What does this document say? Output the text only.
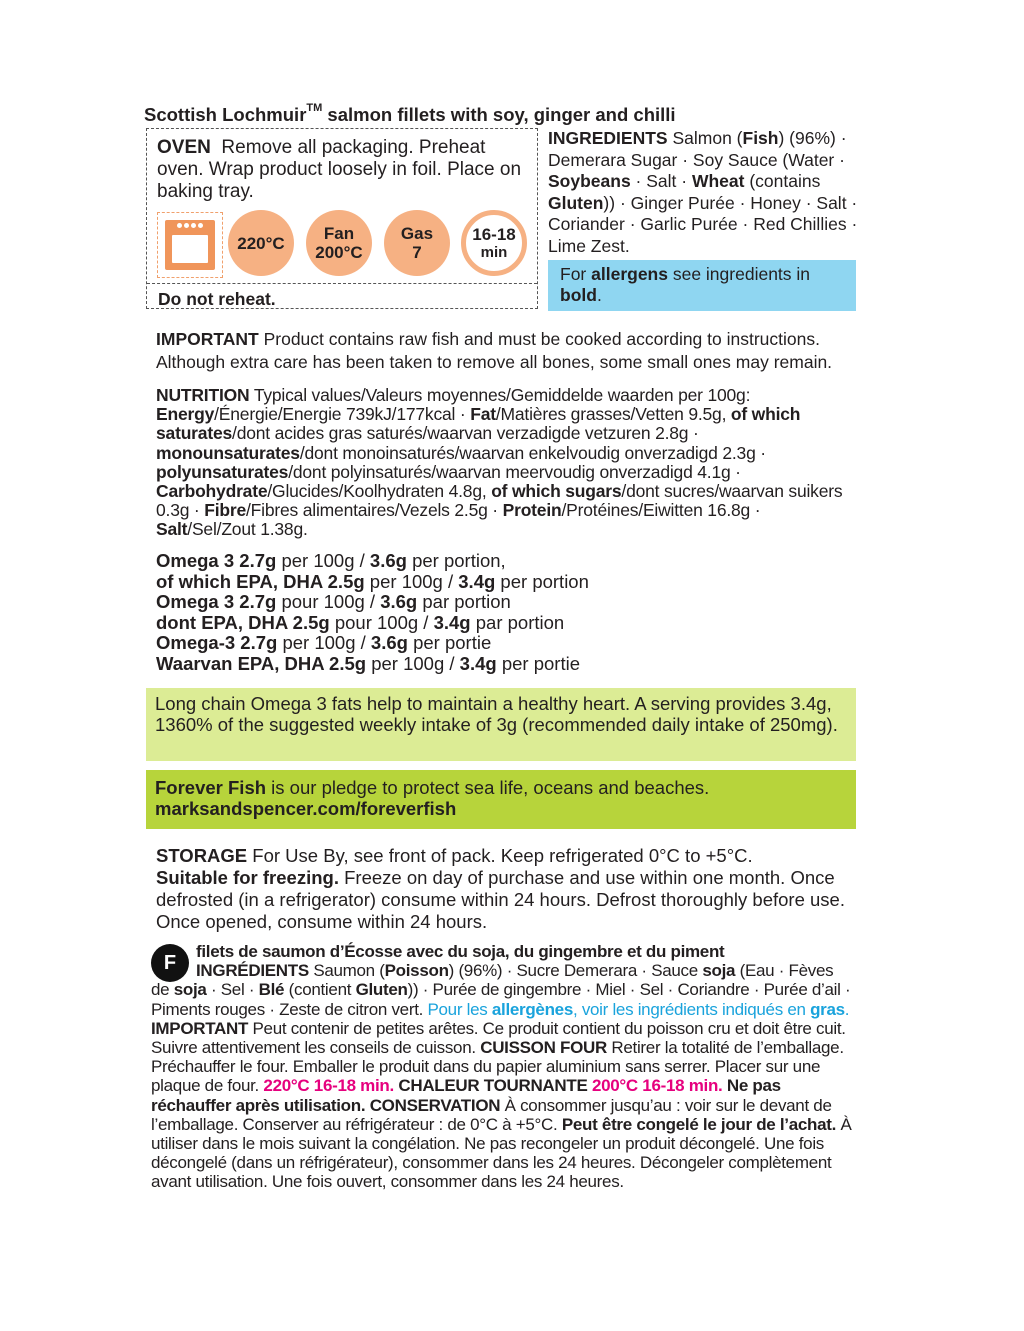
Scottish Lochmuir™ salmon fillets with soy, ginger and chilli
OVEN Remove all packaging. Preheat oven. Wrap product loosely in foil. Place on baking tray.
220°C	Fan
200°C
Gas
7
16-18
min
Do not reheat.
INGREDIENTS Salmon (Fish) (96%) · Demerara Sugar · Soy Sauce (Water · Soybeans · Salt · Wheat (contains Gluten)) · Ginger Purée · Honey · Salt · Coriander · Garlic Purée · Red Chillies · Lime Zest.
For allergens see ingredients in bold.
IMPORTANT Product contains raw fish and must be cooked according to instructions. Although extra care has been taken to remove all bones, some small ones may remain.
NUTRITION Typical values/Valeurs moyennes/Gemiddelde waarden per 100g:
Energy/Énergie/Energie 739kJ/177kcal · Fat/Matières grasses/Vetten 9.5g, of which saturates/dont acides gras saturés/waarvan verzadigde vetzuren 2.8g · monounsaturates/dont monoinsaturés/waarvan enkelvoudig onverzadigd 2.3g · polyunsaturates/dont polyinsaturés/waarvan meervoudig onverzadigd 4.1g · Carbohydrate/Glucides/Koolhydraten 4.8g, of which sugars/dont sucres/waarvan suikers 0.3g · Fibre/Fibres alimentaires/Vezels 2.5g · Protein/Protéines/Eiwitten 16.8g · Salt/Sel/Zout 1.38g.
Omega 3 2.7g per 100g / 3.6g per portion,
of which EPA, DHA 2.5g per 100g / 3.4g per portion
Omega 3 2.7g pour 100g / 3.6g par portion
dont EPA, DHA 2.5g pour 100g / 3.4g par portion
Omega-3 2.7g per 100g / 3.6g per portie
Waarvan EPA, DHA 2.5g per 100g / 3.4g per portie
Long chain Omega 3 fats help to maintain a healthy heart. A serving provides 3.4g, 1360% of the suggested weekly intake of 3g (recommended daily intake of 250mg).
Forever Fish is our pledge to protect sea life, oceans and beaches.
marksandspencer.com/foreverfish
STORAGE For Use By, see front of pack. Keep refrigerated 0°C to +5°C.
Suitable for freezing. Freeze on day of purchase and use within one month. Once defrosted (in a refrigerator) consume within 24 hours. Defrost thoroughly before use. Once opened, consume within 24 hours.
F	filets de saumon d’Écosse avec du soja, du gingembre et du piment
INGRÉDIENTS Saumon (Poisson) (96%) · Sucre Demerara · Sauce soja (Eau · Fèves de soja · Sel · Blé (contient Gluten)) · Purée de gingembre · Miel · Sel · Coriandre · Purée d’ail · Piments rouges · Zeste de citron vert. Pour les allergènes, voir les ingrédients indiqués en gras. IMPORTANT Peut contenir de petites arêtes. Ce produit contient du poisson cru et doit être cuit. Suivre attentivement les conseils de cuisson. CUISSON FOUR Retirer la totalité de l’emballage. Préchauffer le four. Emballer le produit dans du papier aluminium sans serrer. Placer sur une plaque de four. 220°C 16-18 min. CHALEUR TOURNANTE 200°C 16-18 min. Ne pas réchauffer après utilisation. CONSERVATION À consommer jusqu’au : voir sur le devant de l’emballage. Conserver au réfrigérateur : de 0°C à +5°C. Peut être congelé le jour de l’achat. À utiliser dans le mois suivant la congélation. Ne pas recongeler un produit décongelé. Une fois décongelé (dans un réfrigérateur), consommer dans les 24 heures. Décongeler complètement avant utilisation. Une fois ouvert, consommer dans les 24 heures.
